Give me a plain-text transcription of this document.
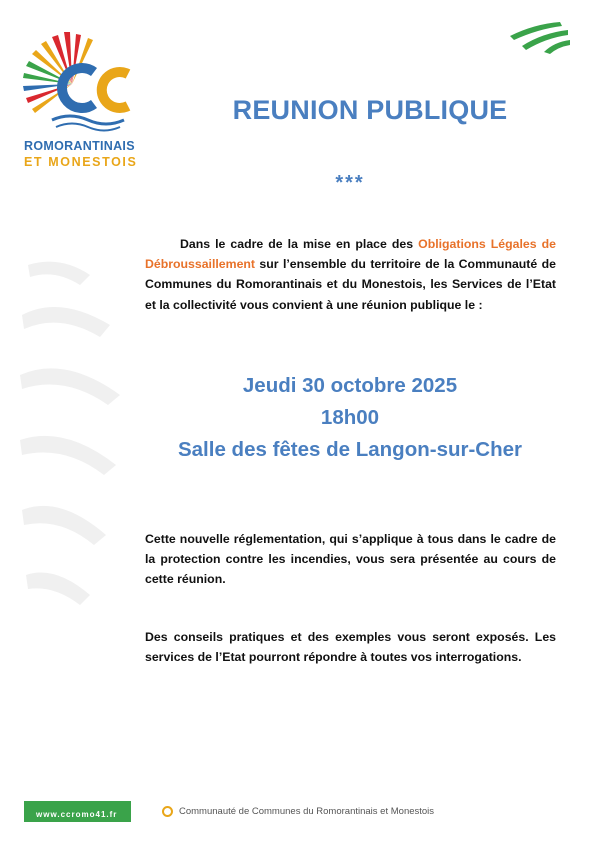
ROMORANTINAIS
ET MONESTOIS
REUNION PUBLIQUE
***
Dans le cadre de la mise en place des Obligations Légales de Débroussaillement sur l’ensemble du territoire de la Communauté de Communes du Romorantinais et du Monestois, les Services de l’Etat et la collectivité vous convient à une réunion publique le :
Jeudi 30 octobre 2025
18h00
Salle des fêtes de Langon-sur-Cher
Cette nouvelle réglementation, qui s’applique à tous dans le cadre de la protection contre les incendies, vous sera présentée au cours de cette réunion.
Des conseils pratiques et des exemples vous seront exposés. Les services de l’Etat pourront répondre à toutes vos interrogations.
www.ccromo41.fr	Communauté de Communes du Romorantinais et Monestois
